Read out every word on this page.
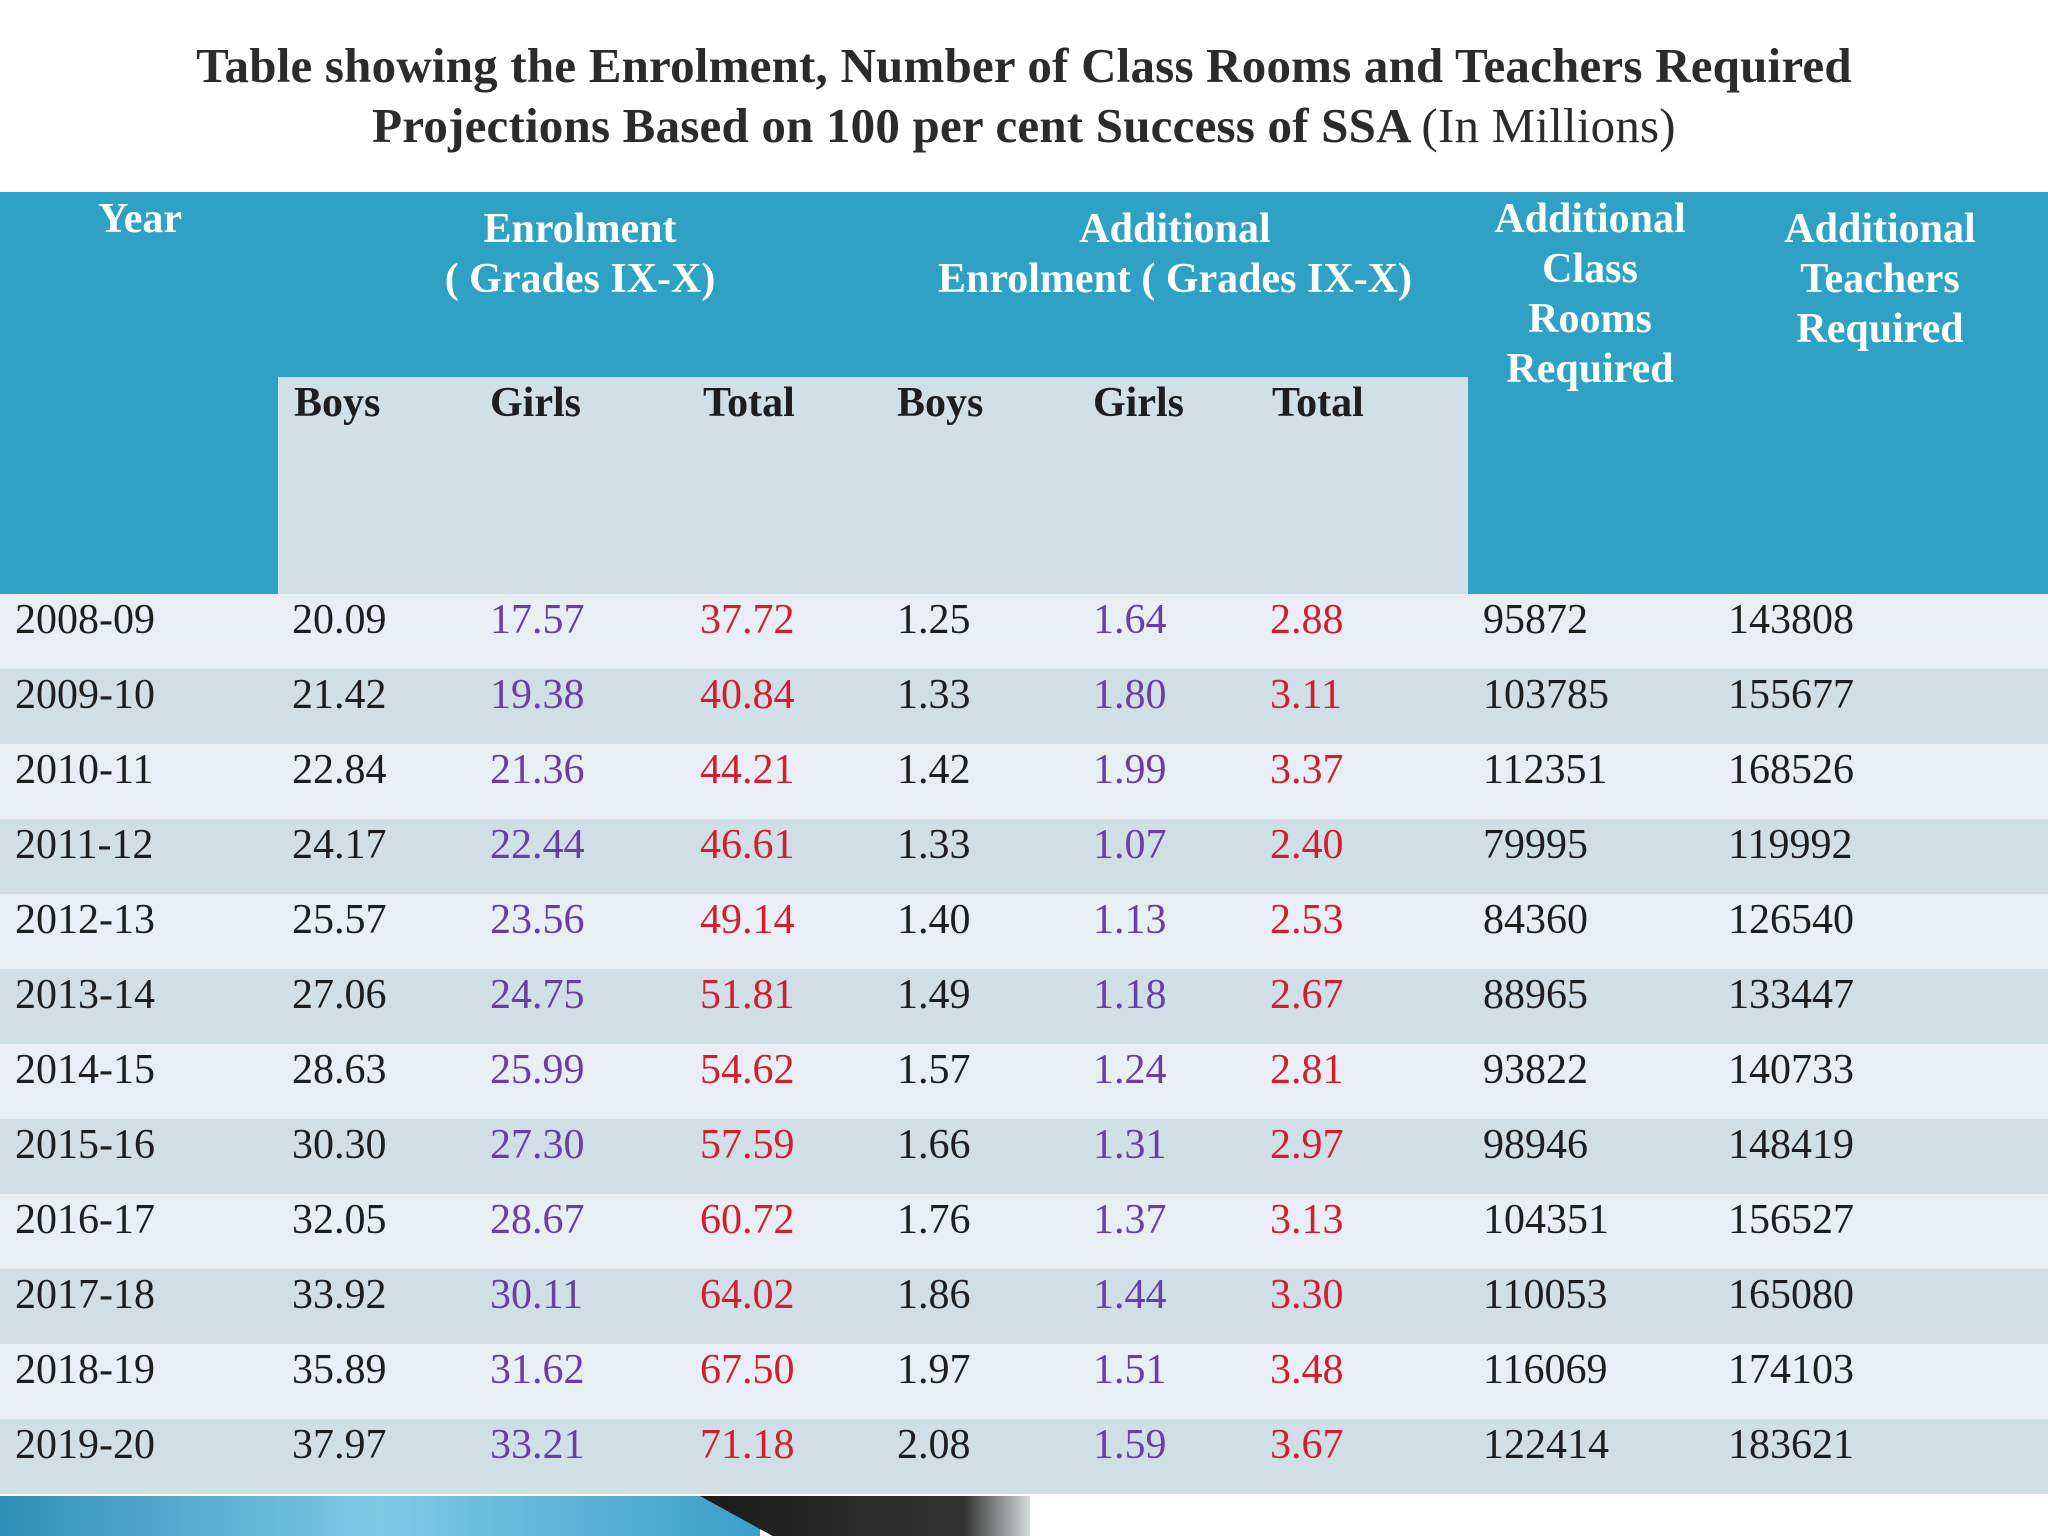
Table showing the Enrolment, Number of Class Rooms and Teachers Required
Projections Based on 100 per cent Success of SSA (In Millions)
Year	Enrolment
( Grades IX-X)
Additional
Enrolment ( Grades IX-X)
Additional
Class
Rooms
Required
Additional
Teachers
Required
Boys	Girls	Total Boys	Girls Total
2008-09	20.09 17.57	37.72 1.25	1.64 2.88	95872	143808
2009-10	21.42 19.38	40.84 1.33	1.80 3.11	103785	155677
2010-11	22.84 21.36	44.21 1.42	1.99 3.37	112351	168526
2011-12	24.17 22.44	46.61 1.33	1.07 2.40	79995	119992
2012-13	25.57 23.56	49.14 1.40	1.13 2.53	84360	126540
2013-14	27.06 24.75	51.81 1.49	1.18 2.67	88965	133447
2014-15	28.63 25.99	54.62 1.57	1.24 2.81	93822	140733
2015-16	30.30 27.30	57.59 1.66	1.31 2.97	98946	148419
2016-17	32.05 28.67	60.72 1.76	1.37 3.13	104351	156527
2017-18	33.92 30.11	64.02 1.86	1.44 3.30	110053	165080
2018-19	35.89 31.62	67.50 1.97	1.51 3.48	116069	174103
2019-20	37.97 33.21	71.18 2.08	1.59 3.67	122414	183621
